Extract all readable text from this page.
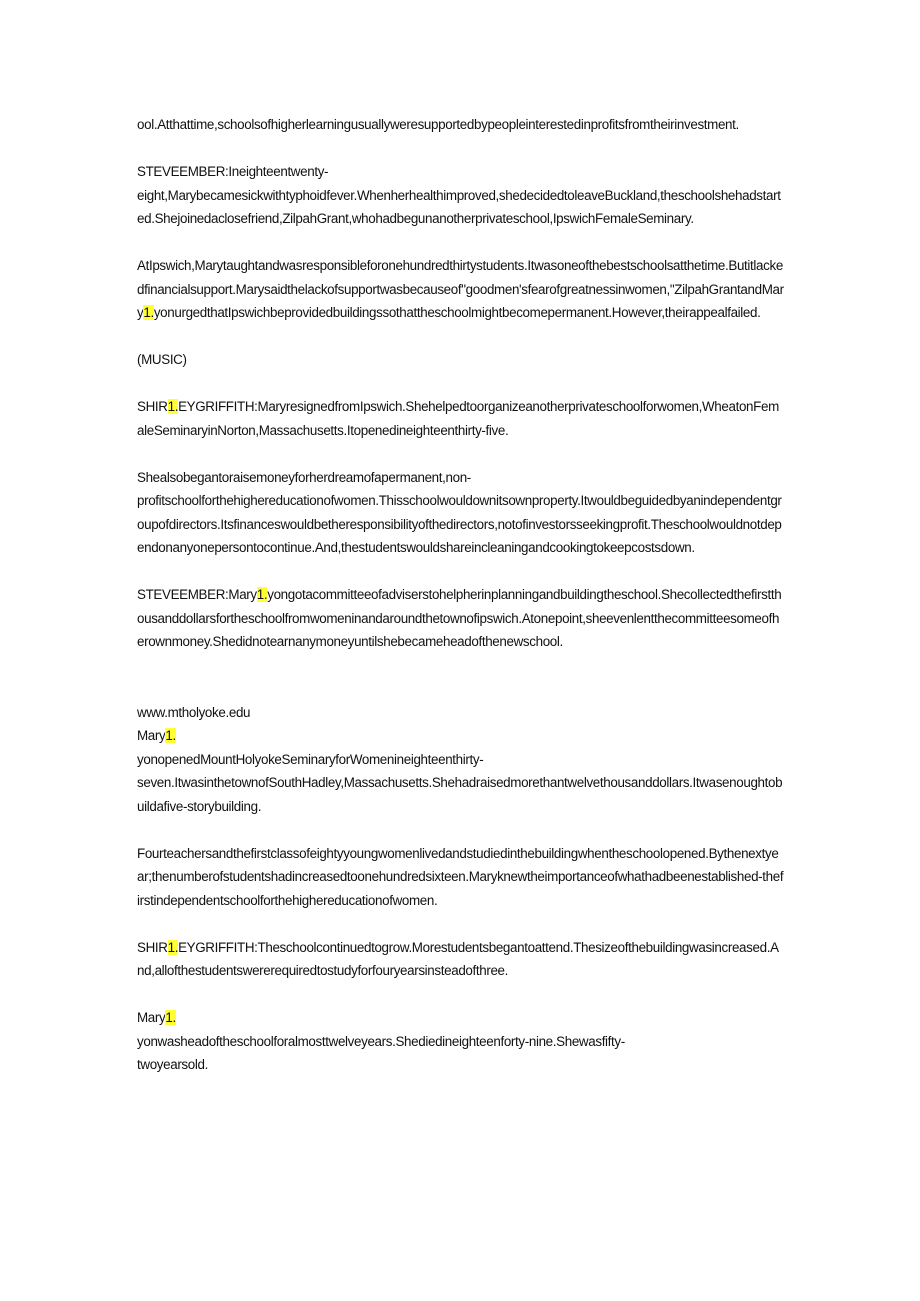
ool.Atthattime,schoolsofhigherlearningusuallyweresupportedbypeopleinterestedinprofitsfromtheirinvestment.

STEVEEMBER:Ineighteentwenty-
eight,Marybecamesickwithtyphoidfever.Whenherhealthimproved,shedecidedtoleaveBuckland,theschoolshehadstarted.Shejoinedaclosefriend,ZilpahGrant,whohadbegunanotherprivateschool,IpswichFemaleSeminary.

AtIpswich,Marytaughtandwasresponsibleforonehundredthirtystudents.Itwasoneofthebestschoolsatthetime.Butitlackedfinancialsupport.Marysaidthelackofsupportwasbecauseof"goodmen'sfearofgreatnessinwomen,"ZilpahGrantandMary1.yonurgedthatIpswichbeprovidedbuildingssothattheschoolmightbecomepermanent.However,theirappealfailed.

(MUSIC)

SHIR1.EYGRIFFITH:MaryresignedfromIpswich.Shehelpedtoorganizeanotherprivateschoolforwomen,WheatonFemaleSeminaryinNorton,Massachusetts.Itopenedineighteenthirty-five.

Shealsobegantoraisemoneyforherdreamofapermanent,non-
profitschoolforthehighereducationofwomen.Thisschoolwouldownitsownproperty.Itwouldbeguidedbyanindependentgroupofdirectors.Itsfinanceswouldbetheresponsibilityofthedirectors,notofinvestorsseekingprofit.Theschoolwouldnotdependonanyonepersontocontinue.And,thestudentswouldshareincleaningandcookingtokeepcostsdown.

STEVEEMBER:Mary1.yongotacommitteeofadviserstohelpherinplanningandbuildingtheschool.Shecollectedthefirstthousanddollarsfortheschoolfromwomeninandaroundthetownofipswich.Atonepoint,sheevenlentthecommitteesomeofherownmoney.Shedidnotearnanymoneyuntilshebecameheadofthenewschool.

www.mtholyoke.edu

Mary1.
yonopenedMountHolyokeSeminaryforWomenineighteenthirty-
seven.ItwasinthetownofSouthHadley,Massachusetts.Shehadraisedmorethantwelvethousanddollars.Itwasenoughtobuildafive-storybuilding.

Fourteachersandthefirstclassofeightyyoungwomenlivedandstudiedinthebuildingwhentheschoolopened.Bythenextyear;thenumberofstudentshadincreasedtoonehundredsixteen.Maryknewtheimportanceofwhathadbeenestablished-thefirstindependentschoolforthehighereducationofwomen.

SHIR1.EYGRIFFITH:Theschoolcontinuedtogrow.Morestudentsbegantoattend.Thesizeofthebuildingwasincreased.And,allofthestudentswererequiredtostudyforfouryearsinsteadofthree.

Mary1.
yonwasheadoftheschoolforalmosttwelveyears.Shediedineighteenforty-nine.Shewasfifty-
twoyearsold.
